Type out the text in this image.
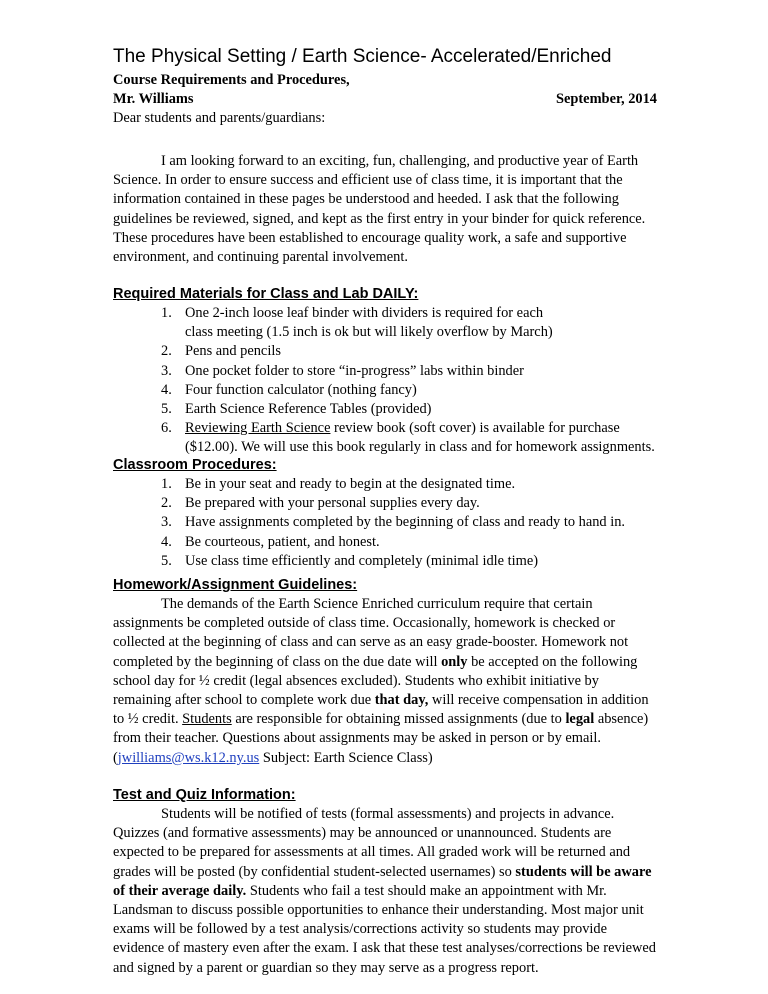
The Physical Setting / Earth Science- Accelerated/Enriched
Course Requirements and Procedures,
Mr. Williams	September, 2014
Dear students and parents/guardians:

I am looking forward to an exciting, fun, challenging, and productive year of Earth Science. In order to ensure success and efficient use of class time, it is important that the information contained in these pages be understood and heeded. I ask that the following guidelines be reviewed, signed, and kept as the first entry in your binder for quick reference. These procedures have been established to encourage quality work, a safe and supportive environment, and continuing parental involvement.

Required Materials for Class and Lab DAILY:
1. One 2-inch loose leaf binder with dividers is required for each
class meeting (1.5 inch is ok but will likely overflow by March)
2. Pens and pencils
3. One pocket folder to store “in-progress” labs within binder
4. Four function calculator (nothing fancy)
5. Earth Science Reference Tables (provided)
6. Reviewing Earth Science review book (soft cover) is available for purchase ($12.00). We will use this book regularly in class and for homework assignments.
Classroom Procedures:
1. Be in your seat and ready to begin at the designated time.
2. Be prepared with your personal supplies every day.
3. Have assignments completed by the beginning of class and ready to hand in.
4. Be courteous, patient, and honest.
5. Use class time efficiently and completely (minimal idle time)
Homework/Assignment Guidelines:

The demands of the Earth Science Enriched curriculum require that certain assignments be completed outside of class time. Occasionally, homework is checked or collected at the beginning of class and can serve as an easy grade-booster. Homework not completed by the beginning of class on the due date will only be accepted on the following school day for ½ credit (legal absences excluded). Students who exhibit initiative by remaining after school to complete work due that day, will receive compensation in addition to ½ credit. Students are responsible for obtaining missed assignments (due to legal absence) from their teacher. Questions about assignments may be asked in person or by email. (jwilliams@ws.k12.ny.us Subject: Earth Science Class)

Test and Quiz Information:

Students will be notified of tests (formal assessments) and projects in advance. Quizzes (and formative assessments) may be announced or unannounced. Students are expected to be prepared for assessments at all times. All graded work will be returned and grades will be posted (by confidential student-selected usernames) so students will be aware of their average daily. Students who fail a test should make an appointment with Mr. Landsman to discuss possible opportunities to enhance their understanding. Most major unit exams will be followed by a test analysis/corrections activity so students may provide evidence of mastery even after the exam. I ask that these test analyses/corrections be reviewed and signed by a parent or guardian so they may serve as a progress report.
